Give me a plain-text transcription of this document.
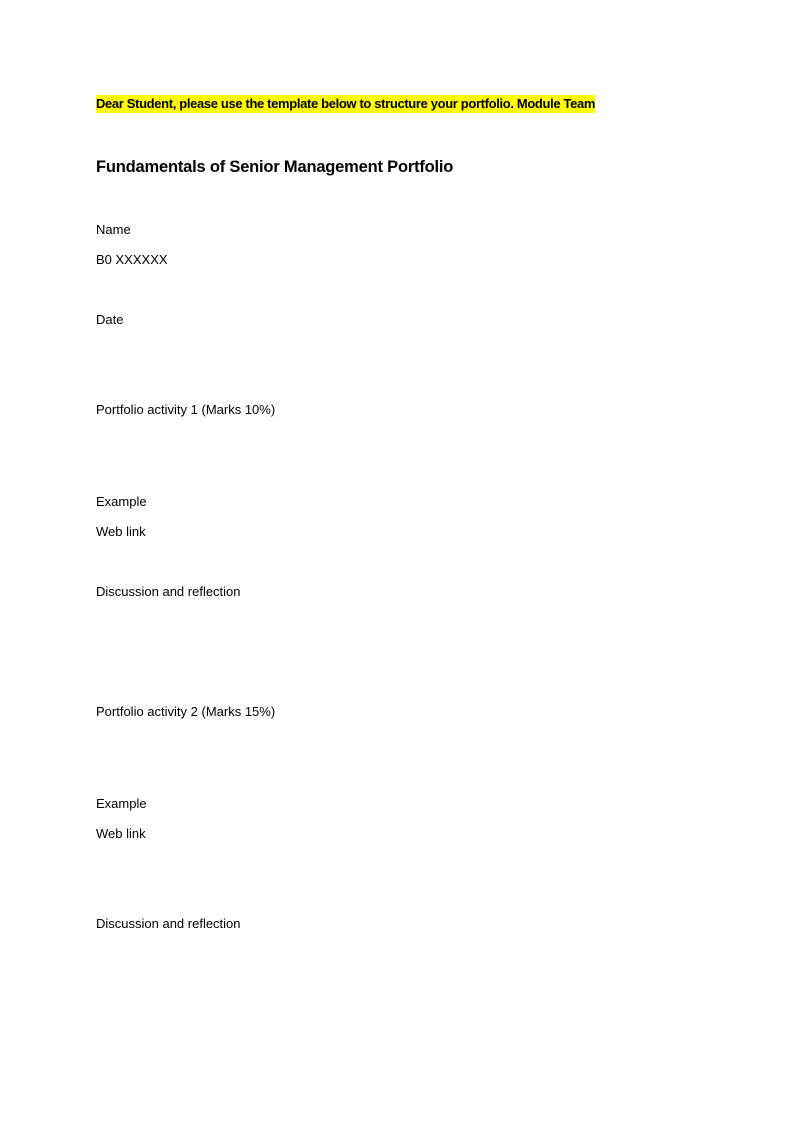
Dear Student, please use the template below to structure your portfolio. Module Team
Fundamentals of Senior Management Portfolio
Name
B0 XXXXXX
Date
Portfolio activity 1 (Marks 10%)
Example
Web link
Discussion and reflection
Portfolio activity 2 (Marks 15%)
Example
Web link
Discussion and reflection
